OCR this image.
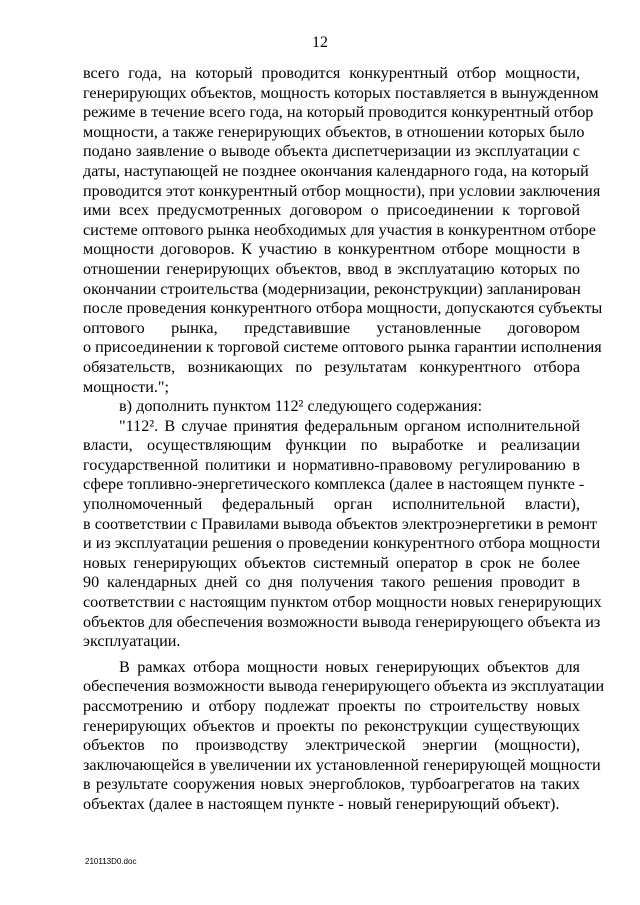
12

всего года, на который проводится конкурентный отбор мощности,
генерирующих объектов, мощность которых поставляется в вынужденном
режиме в течение всего года, на который проводится конкурентный отбор
мощности, а также генерирующих объектов, в отношении которых было
подано заявление о выводе объекта диспетчеризации из эксплуатации с
даты, наступающей не позднее окончания календарного года, на который
проводится этот конкурентный отбор мощности), при условии заключения
ими всех предусмотренных договором о присоединении к торговой
системе оптового рынка необходимых для участия в конкурентном отборе
мощности договоров. К участию в конкурентном отборе мощности в
отношении генерирующих объектов, ввод в эксплуатацию которых по
окончании строительства (модернизации, реконструкции) запланирован
после проведения конкурентного отбора мощности, допускаются субъекты
оптового рынка, представившие установленные договором
о присоединении к торговой системе оптового рынка гарантии исполнения
обязательств, возникающих по результатам конкурентного отбора
мощности.";

в) дополнить пунктом 112² следующего содержания:

"112². В случае принятия федеральным органом исполнительной
власти, осуществляющим функции по выработке и реализации
государственной политики и нормативно-правовому регулированию в
сфере топливно-энергетического комплекса (далее в настоящем пункте -
уполномоченный федеральный орган исполнительной власти),
в соответствии с Правилами вывода объектов электроэнергетики в ремонт
и из эксплуатации решения о проведении конкурентного отбора мощности
новых генерирующих объектов системный оператор в срок не более
90 календарных дней со дня получения такого решения проводит в
соответствии с настоящим пунктом отбор мощности новых генерирующих
объектов для обеспечения возможности вывода генерирующего объекта из
эксплуатации.

В рамках отбора мощности новых генерирующих объектов для
обеспечения возможности вывода генерирующего объекта из эксплуатации
рассмотрению и отбору подлежат проекты по строительству новых
генерирующих объектов и проекты по реконструкции существующих
объектов по производству электрической энергии (мощности),
заключающейся в увеличении их установленной генерирующей мощности
в результате сооружения новых энергоблоков, турбоагрегатов на таких
объектах (далее в настоящем пункте - новый генерирующий объект).

210113D0.doc
